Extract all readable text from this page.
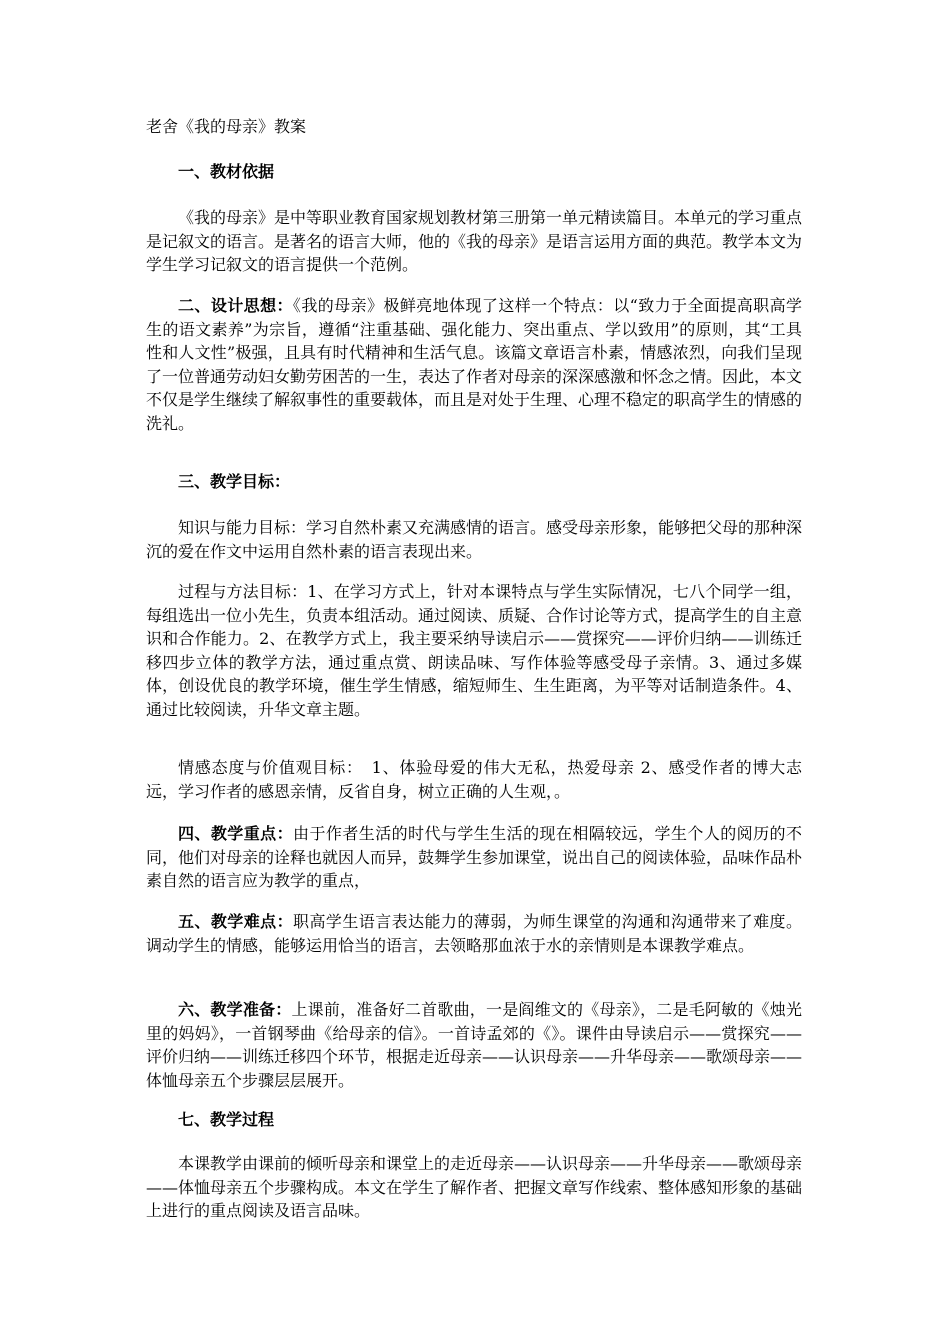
老舍《我的母亲》教案
一、教材依据
《我的母亲》是中等职业教育国家规划教材第三册第一单元精读篇目。本单元的学习重点是记叙文的语言。是著名的语言大师，他的《我的母亲》是语言运用方面的典范。教学本文为学生学习记叙文的语言提供一个范例。
二、设计思想：《我的母亲》极鲜亮地体现了这样一个特点：以“致力于全面提高职高学生的语文素养”为宗旨，遵循“注重基础、强化能力、突出重点、学以致用”的原则，其“工具性和人文性”极强，且具有时代精神和生活气息。该篇文章语言朴素，情感浓烈，向我们呈现了一位普通劳动妇女勤劳困苦的一生，表达了作者对母亲的深深感激和怀念之情。因此，本文不仅是学生继续了解叙事性的重要载体，而且是对处于生理、心理不稳定的职高学生的情感的洗礼。
三、教学目标：
知识与能力目标：学习自然朴素又充满感情的语言。感受母亲形象，能够把父母的那种深沉的爱在作文中运用自然朴素的语言表现出来。
过程与方法目标：1、在学习方式上，针对本课特点与学生实际情况，七八个同学一组，每组选出一位小先生，负责本组活动。通过阅读、质疑、合作讨论等方式，提高学生的自主意识和合作能力。2、在教学方式上，我主要采纳导读启示——赏探究——评价归纳——训练迁移四步立体的教学方法，通过重点赏、朗读品味、写作体验等感受母子亲情。3、通过多媒体，创设优良的教学环境，催生学生情感，缩短师生、生生距离，为平等对话制造条件。4、通过比较阅读，升华文章主题。
情感态度与价值观目标：　1、体验母爱的伟大无私，热爱母亲 2、感受作者的博大志远，学习作者的感恩亲情，反省自身，树立正确的人生观，。
四、教学重点：由于作者生活的时代与学生生活的现在相隔较远，学生个人的阅历的不同，他们对母亲的诠释也就因人而异，鼓舞学生参加课堂，说出自己的阅读体验，品味作品朴素自然的语言应为教学的重点，
五、教学难点：职高学生语言表达能力的薄弱，为师生课堂的沟通和沟通带来了难度。调动学生的情感，能够运用恰当的语言，去领略那血浓于水的亲情则是本课教学难点。
六、教学准备：上课前，准备好二首歌曲，一是阎维文的《母亲》，二是毛阿敏的《烛光里的妈妈》，一首钢琴曲《给母亲的信》。一首诗孟郊的《》。课件由导读启示——赏探究——评价归纳——训练迁移四个环节，根据走近母亲——认识母亲——升华母亲——歌颂母亲——体恤母亲五个步骤层层展开。
七、教学过程
本课教学由课前的倾听母亲和课堂上的走近母亲——认识母亲——升华母亲——歌颂母亲——体恤母亲五个步骤构成。本文在学生了解作者、把握文章写作线索、整体感知形象的基础上进行的重点阅读及语言品味。
